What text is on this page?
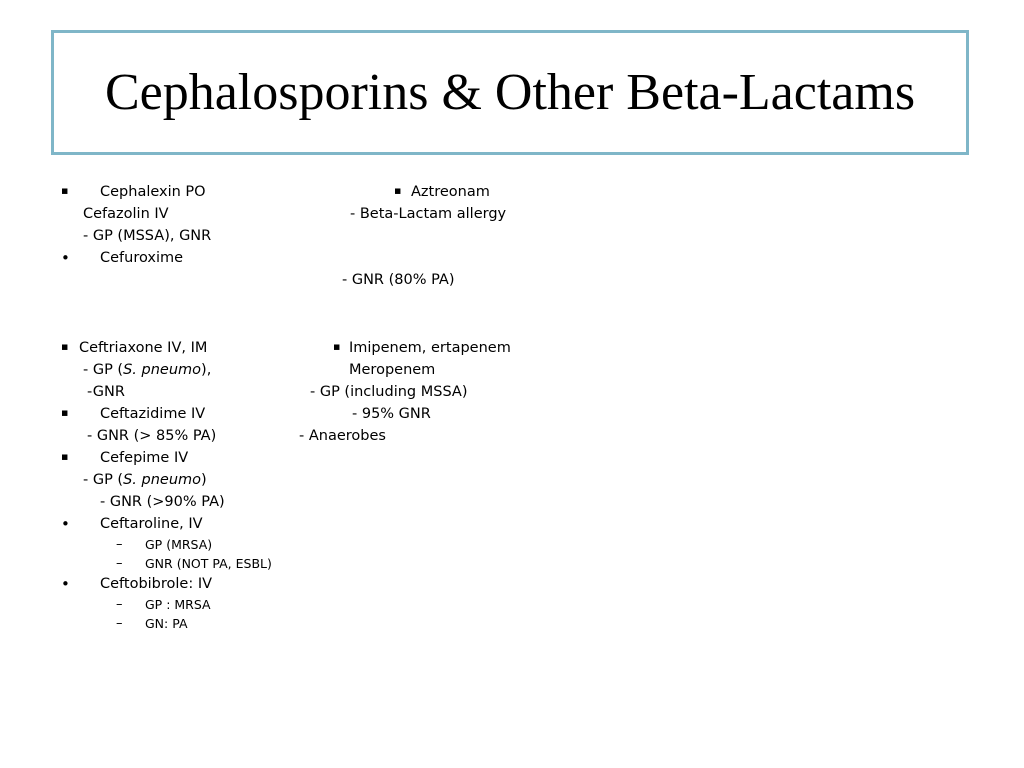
Cephalosporins & Other Beta-Lactams
▪ Cephalexin PO
Cefazolin IV
- GP (MSSA), GNR
• Cefuroxime
▪ Aztreonam
- Beta-Lactam allergy
- GNR (80% PA)
▪ Ceftriaxone IV, IM
- GP (S. pneumo),
-GNR
▪ Ceftazidime IV
- GNR (> 85% PA)
▪ Cefepime IV
- GP (S. pneumo)
- GNR (>90% PA)
• Ceftaroline, IV
– GP (MRSA)
– GNR (NOT PA, ESBL)
• Ceftobibrole: IV
– GP : MRSA
– GN: PA
▪ Imipenem, ertapenem
Meropenem
- GP (including MSSA)
- 95% GNR
- Anaerobes
